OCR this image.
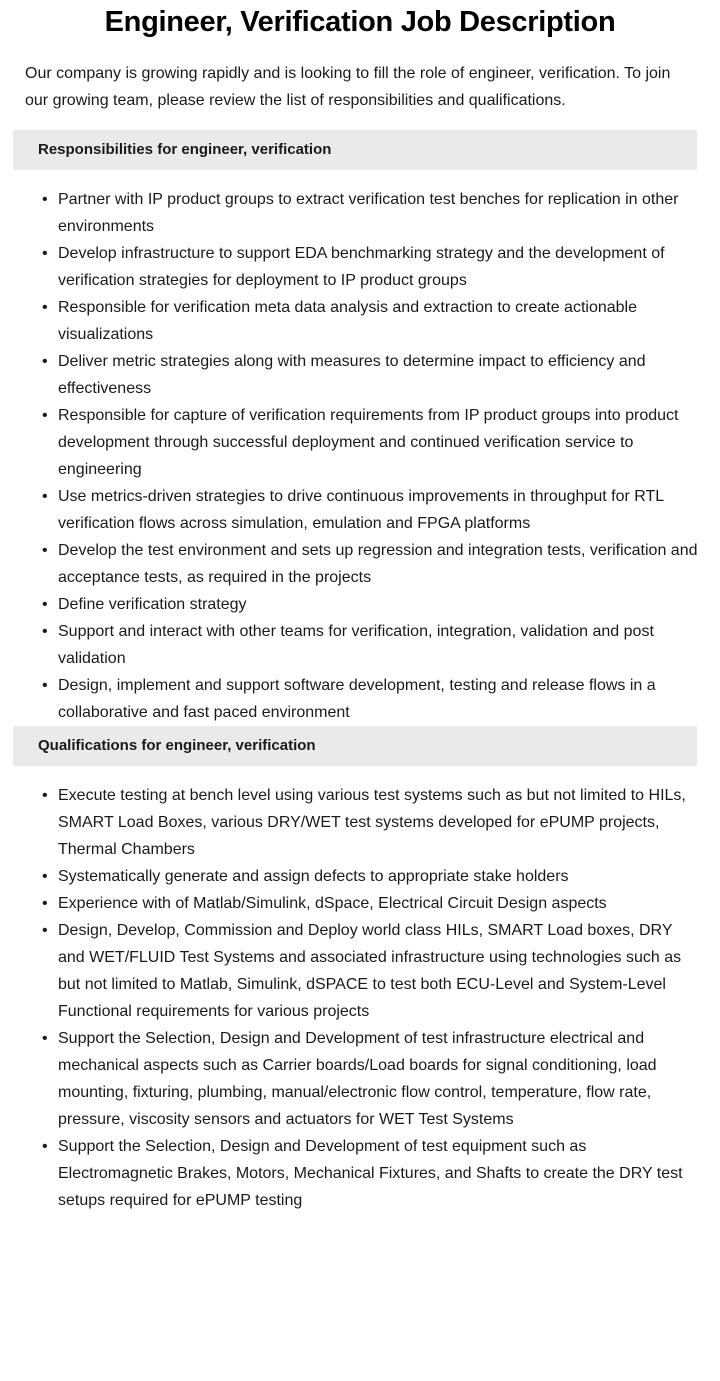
Engineer, Verification Job Description

Our company is growing rapidly and is looking to fill the role of engineer, verification. To join our growing team, please review the list of responsibilities and qualifications.

Responsibilities for engineer, verification
• Partner with IP product groups to extract verification test benches for replication in other environments
• Develop infrastructure to support EDA benchmarking strategy and the development of verification strategies for deployment to IP product groups
• Responsible for verification meta data analysis and extraction to create actionable visualizations
• Deliver metric strategies along with measures to determine impact to efficiency and effectiveness
• Responsible for capture of verification requirements from IP product groups into product development through successful deployment and continued verification service to engineering
• Use metrics-driven strategies to drive continuous improvements in throughput for RTL verification flows across simulation, emulation and FPGA platforms
• Develop the test environment and sets up regression and integration tests, verification and acceptance tests, as required in the projects
• Define verification strategy
• Support and interact with other teams for verification, integration, validation and post validation
• Design, implement and support software development, testing and release flows in a collaborative and fast paced environment
Qualifications for engineer, verification
• Execute testing at bench level using various test systems such as but not limited to HILs, SMART Load Boxes, various DRY/WET test systems developed for ePUMP projects, Thermal Chambers
• Systematically generate and assign defects to appropriate stake holders
• Experience with of Matlab/Simulink, dSpace, Electrical Circuit Design aspects
• Design, Develop, Commission and Deploy world class HILs, SMART Load boxes, DRY and WET/FLUID Test Systems and associated infrastructure using technologies such as but not limited to Matlab, Simulink, dSPACE to test both ECU-Level and System-Level Functional requirements for various projects
• Support the Selection, Design and Development of test infrastructure electrical and mechanical aspects such as Carrier boards/Load boards for signal conditioning, load mounting, fixturing, plumbing, manual/electronic flow control, temperature, flow rate, pressure, viscosity sensors and actuators for WET Test Systems
• Support the Selection, Design and Development of test equipment such as Electromagnetic Brakes, Motors, Mechanical Fixtures, and Shafts to create the DRY test setups required for ePUMP testing
